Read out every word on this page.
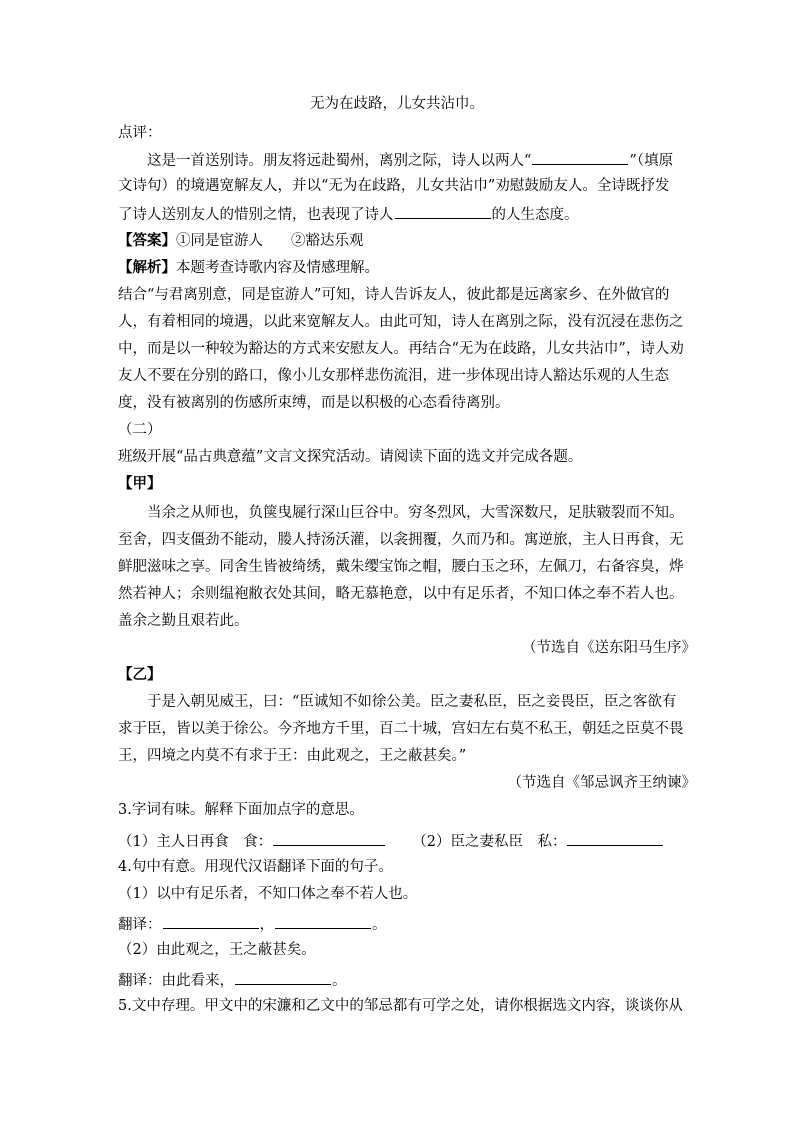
无为在歧路，儿女共沾巾。
点评：
这是一首送别诗。朋友将远赴蜀州，离别之际，诗人以两人“	”（填原
文诗句）的境遇宽解友人，并以“无为在歧路，儿女共沾巾”劝慰鼓励友人。全诗既抒发
了诗人送别友人的惜别之情，也表现了诗人	的人生态度。
【答案】①同是宦游人 ②豁达乐观
【解析】本题考查诗歌内容及情感理解。
结合“与君离别意，同是宦游人”可知，诗人告诉友人，彼此都是远离家乡、在外做官的
人，有着相同的境遇，以此来宽解友人。由此可知，诗人在离别之际，没有沉浸在悲伤之
中，而是以一种较为豁达的方式来安慰友人。再结合“无为在歧路，儿女共沾巾”，诗人劝
友人不要在分别的路口，像小儿女那样悲伤流泪，进一步体现出诗人豁达乐观的人生态
度，没有被离别的伤感所束缚，而是以积极的心态看待离别。
（二）
班级开展“品古典意蕴”文言文探究活动。请阅读下面的选文并完成各题。
【甲】
当余之从师也，负箧曳屣行深山巨谷中。穷冬烈风，大雪深数尺，足肤皲裂而不知。
至舍，四支僵劲不能动，媵人持汤沃灌，以衾拥覆，久而乃和。寓逆旅，主人日再食，无
鲜肥滋味之享。同舍生皆被绮绣，戴朱缨宝饰之帽，腰白玉之环，左佩刀，右备容臭，烨
然若神人；余则缊袍敝衣处其间，略无慕艳意，以中有足乐者，不知口体之奉不若人也。
盖余之勤且艰若此。
（节选自《送东阳马生序》
【乙】
于是入朝见威王，曰：“臣诚知不如徐公美。臣之妻私臣，臣之妾畏臣，臣之客欲有
求于臣，皆以美于徐公。今齐地方千里，百二十城，宫妇左右莫不私王，朝廷之臣莫不畏
王，四境之内莫不有求于王：由此观之，王之蔽甚矣。”
（节选自《邹忌讽齐王纳谏》
3.字词有味。解释下面加点字的意思。
（1）主人日再食　食：	（2）臣之妻私臣　私：
4.句中有意。用现代汉语翻译下面的句子。
（1）以中有足乐者，不知口体之奉不若人也。
翻译：	，	。
（2）由此观之，王之蔽甚矣。
翻译：由此看来，	。
5.文中存理。甲文中的宋濂和乙文中的邹忌都有可学之处，请你根据选文内容，谈谈你从
